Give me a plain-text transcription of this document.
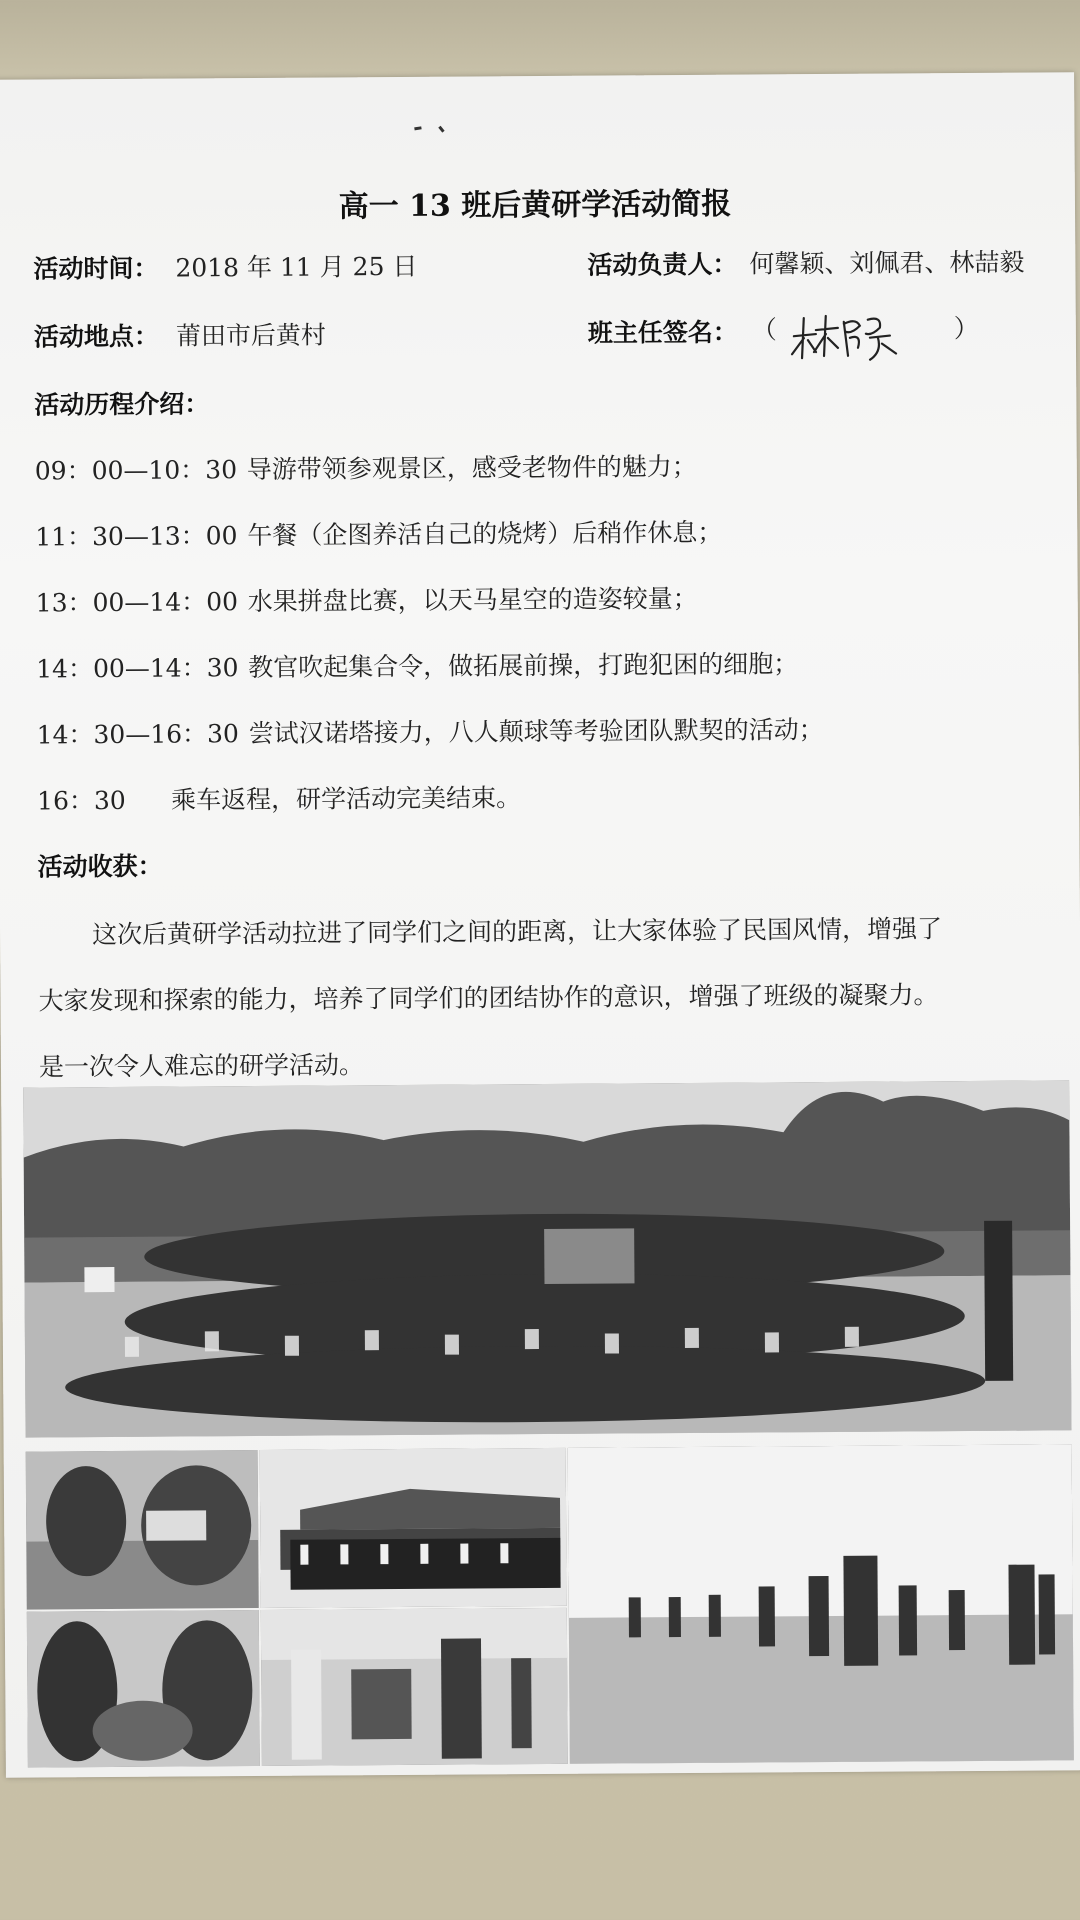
高一 13 班后黄研学活动简报
活动时间： 2018 年 11 月 25 日	活动负责人： 何馨颖、刘佩君、林喆毅
活动地点： 莆田市后黄村	班主任签名： （	）
活动历程介绍：
09：00—10：30 导游带领参观景区，感受老物件的魅力；
11：30—13：00 午餐（企图养活自己的烧烤）后稍作休息；
13：00—14：00 水果拼盘比赛，以天马星空的造姿较量；
14：00—14：30 教官吹起集合令，做拓展前操，打跑犯困的细胞；
14：30—16：30 尝试汉诺塔接力，八人颠球等考验团队默契的活动；
16：30 乘车返程，研学活动完美结束。
活动收获：
这次后黄研学活动拉进了同学们之间的距离，让大家体验了民国风情，增强了
大家发现和探索的能力，培养了同学们的团结协作的意识，增强了班级的凝聚力。
是一次令人难忘的研学活动。
